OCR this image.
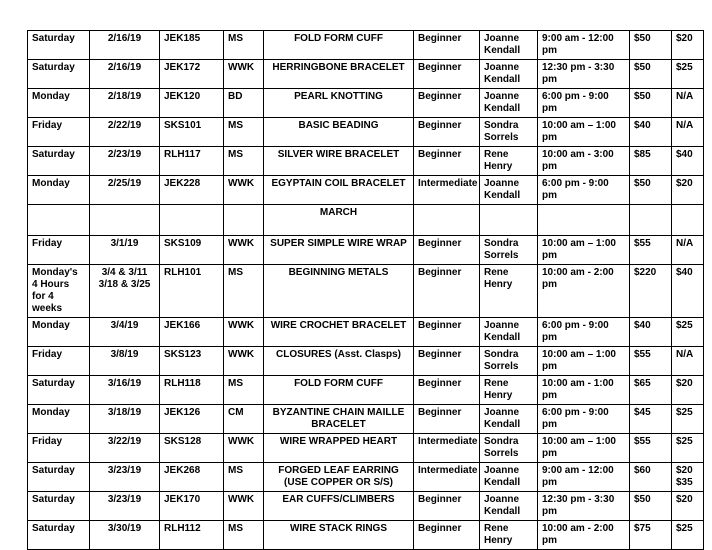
Saturday	2/16/19	JEK185	MS	FOLD FORM CUFF	Beginner	Joanne Kendall	9:00 am - 12:00 pm	$50	$20
Saturday	2/16/19	JEK172	WWK	HERRINGBONE BRACELET	Beginner	Joanne Kendall	12:30 pm - 3:30 pm	$50	$25
Monday	2/18/19	JEK120	BD	PEARL KNOTTING	Beginner	Joanne Kendall	6:00 pm - 9:00 pm	$50	N/A
Friday	2/22/19	SKS101	MS	BASIC BEADING	Beginner	Sondra Sorrels	10:00 am – 1:00 pm	$40	N/A
Saturday	2/23/19	RLH117	MS	SILVER WIRE BRACELET	Beginner	Rene Henry	10:00 am - 3:00 pm	$85	$40
Monday	2/25/19	JEK228	WWK	EGYPTAIN COIL BRACELET	Intermediate	Joanne Kendall	6:00 pm - 9:00 pm	$50	$20
				MARCH					
Friday	3/1/19	SKS109	WWK	SUPER SIMPLE WIRE WRAP	Beginner	Sondra Sorrels	10:00 am – 1:00 pm	$55	N/A
Monday's 4 Hours for 4 weeks	3/4 & 3/11 3/18 & 3/25	RLH101	MS	BEGINNING METALS	Beginner	Rene Henry	10:00 am - 2:00 pm	$220	$40
Monday	3/4/19	JEK166	WWK	WIRE CROCHET BRACELET	Beginner	Joanne Kendall	6:00 pm - 9:00 pm	$40	$25
Friday	3/8/19	SKS123	WWK	CLOSURES (Asst. Clasps)	Beginner	Sondra Sorrels	10:00 am – 1:00 pm	$55	N/A
Saturday	3/16/19	RLH118	MS	FOLD FORM CUFF	Beginner	Rene Henry	10:00 am - 1:00 pm	$65	$20
Monday	3/18/19	JEK126	CM	BYZANTINE CHAIN MAILLE BRACELET	Beginner	Joanne Kendall	6:00 pm - 9:00 pm	$45	$25
Friday	3/22/19	SKS128	WWK	WIRE WRAPPED HEART	Intermediate	Sondra Sorrels	10:00 am – 1:00 pm	$55	$25
Saturday	3/23/19	JEK268	MS	FORGED LEAF EARRING (USE COPPER OR S/S)	Intermediate	Joanne Kendall	9:00 am - 12:00 pm	$60	$20
$35

Saturday	3/23/19	JEK170	WWK	EAR CUFFS/CLIMBERS	Beginner	Joanne Kendall	12:30 pm - 3:30 pm	$50	$20
Saturday	3/30/19	RLH112	MS	WIRE STACK RINGS	Beginner	Rene Henry	10:00 am - 2:00 pm	$75	$25
